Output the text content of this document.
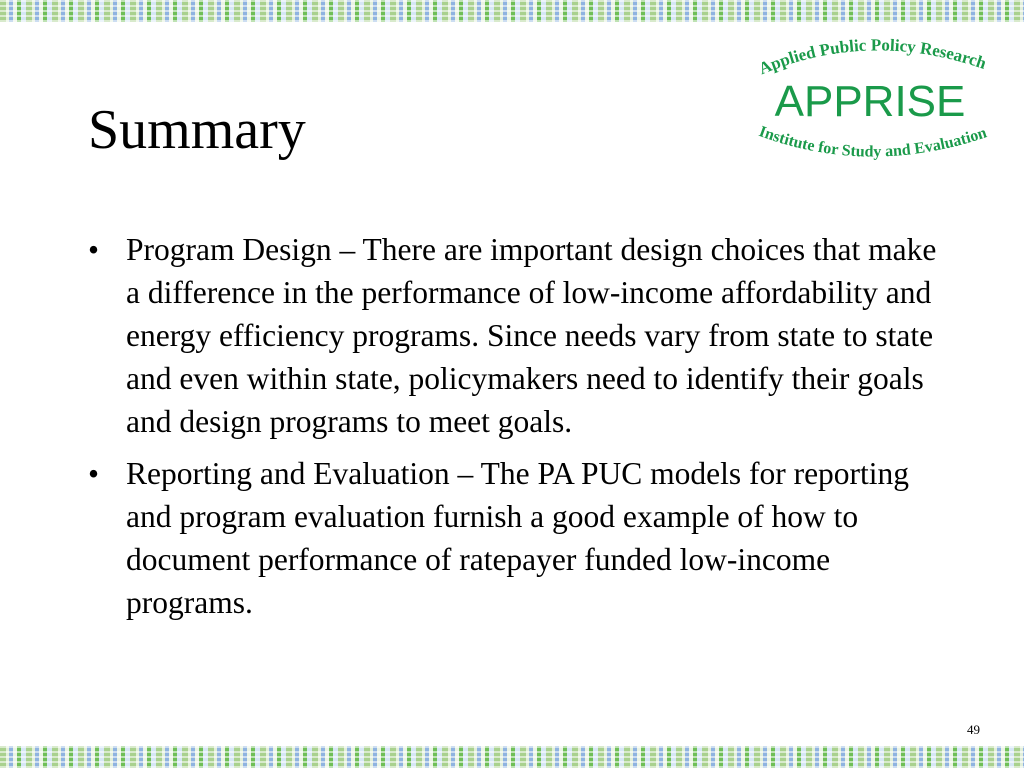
Summary
Applied Public Policy Research
APPRISE
Institute for Study and Evaluation
• Program Design – There are important design choices that make a difference in the performance of low-income affordability and energy efficiency programs. Since needs vary from state to state and even within state, policymakers need to identify their goals and design programs to meet goals.
• Reporting and Evaluation – The PA PUC models for reporting and program evaluation furnish a good example of how to document performance of ratepayer funded low-income programs.
49
